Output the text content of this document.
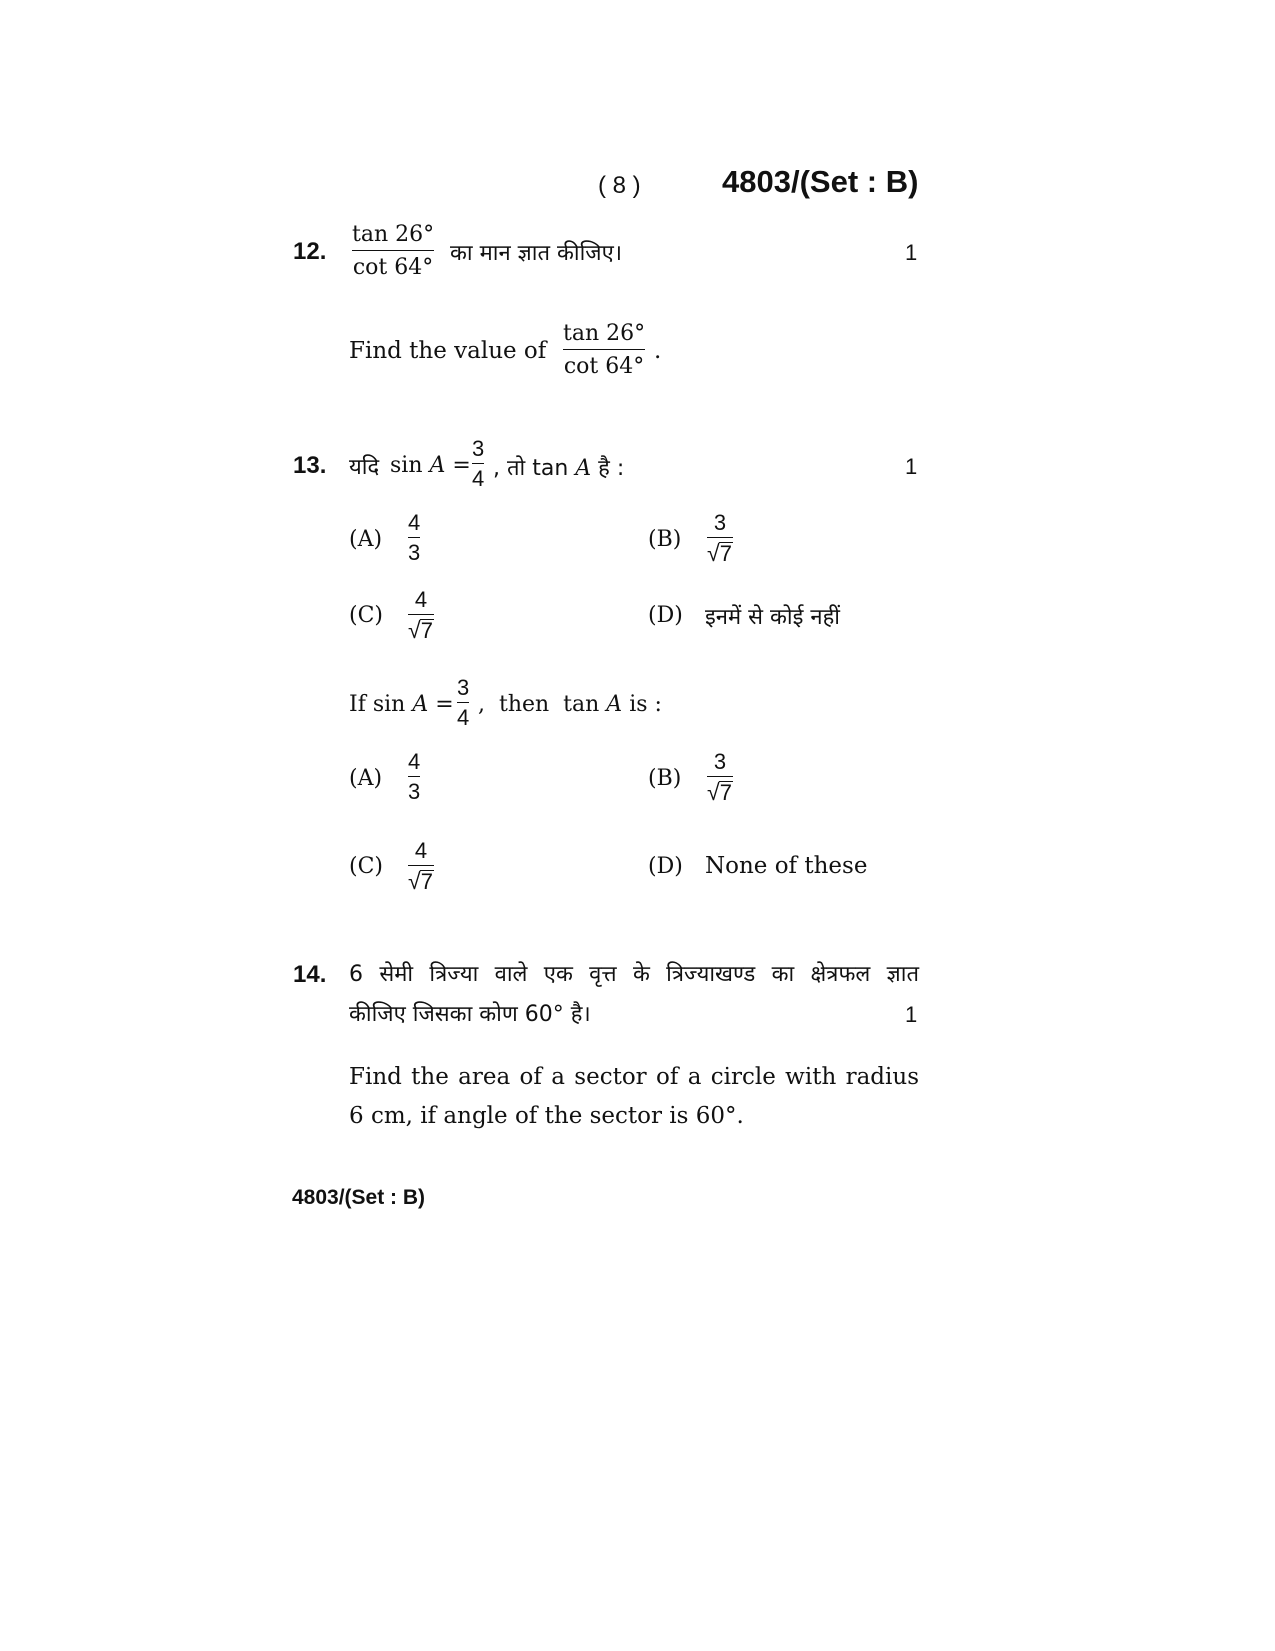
( 8 )	4803/(Set : B)
12.
tan 26°
cot 64°
का मान ज्ञात कीजिए।	1
Find the value of
tan 26°
cot 64°
.
13. यदि sin A =
3
4 , तो tan A है :	1
(A)
4
3
(B)
3
√7
(C)
4
√7
(D) इनमें से कोई नहीं
If sin A =
3
4
,  then  tan A is :
(A)
4
3
(B)
3
√7
(C)
4
√7
(D) None of these
14. 6 सेमी त्रिज्या वाले एक वृत्त के त्रिज्याखण्ड का क्षेत्रफल ज्ञात
कीजिए जिसका कोण 60° है।	1
Find the area of a sector of a circle with radius
6 cm, if angle of the sector is 60°.
4803/(Set : B)
